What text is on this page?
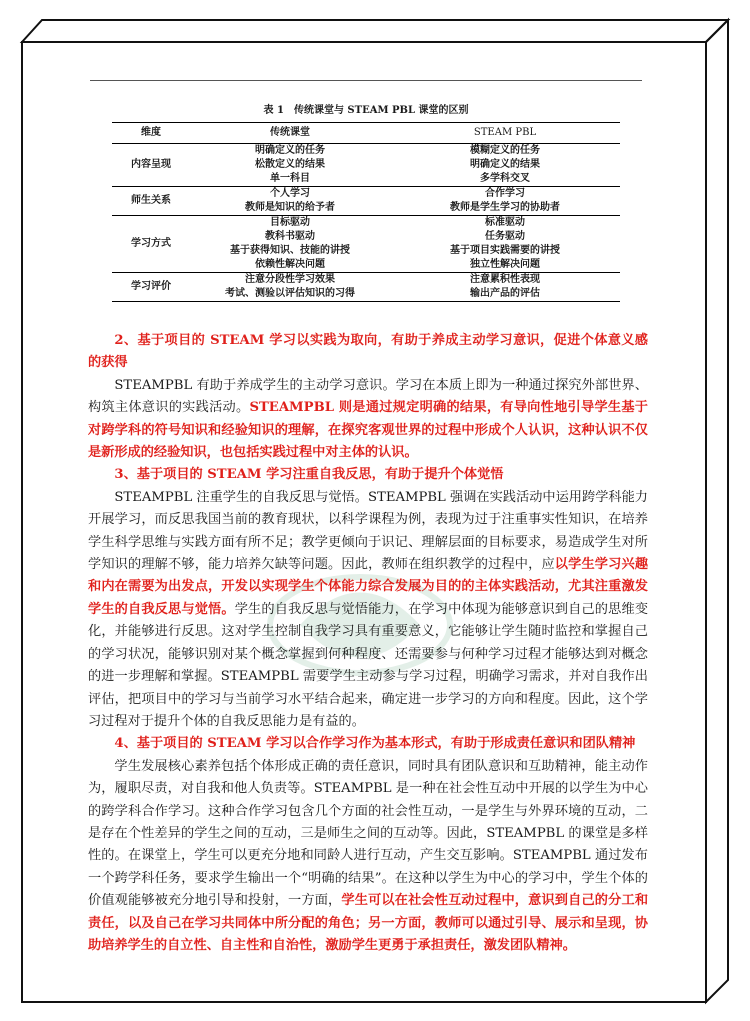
表 1　传统课堂与 STEAM PBL 课堂的区别
维度	传统课堂	STEAM PBL
内容呈现	明确定义的任务	模糊定义的任务
	松散定义的结果	明确定义的结果
	单一科目	多学科交叉
师生关系	个人学习	合作学习
	教师是知识的给予者	教师是学生学习的协助者
学习方式	目标驱动	标准驱动
	教科书驱动	任务驱动
	基于获得知识、技能的讲授	基于项目实践需要的讲授
	依赖性解决问题	独立性解决问题
学习评价	注意分段性学习效果	注意累积性表现
	考试、测验以评估知识的习得	输出产品的评估

2、基于项目的 STEAM 学习以实践为取向，有助于养成主动学习意识，促进个体意义感的获得

STEAMPBL 有助于养成学生的主动学习意识。学习在本质上即为一种通过探究外部世界、构筑主体意识的实践活动。STEAMPBL 则是通过规定明确的结果，有导向性地引导学生基于对跨学科的符号知识和经验知识的理解，在探究客观世界的过程中形成个人认识，这种认识不仅是新形成的经验知识，也包括实践过程中对主体的认识。

3、基于项目的 STEAM 学习注重自我反思，有助于提升个体觉悟

STEAMPBL 注重学生的自我反思与觉悟。STEAMPBL 强调在实践活动中运用跨学科能力开展学习，而反思我国当前的教育现状，以科学课程为例，表现为过于注重事实性知识，在培养学生科学思维与实践方面有所不足；教学更倾向于识记、理解层面的目标要求，易造成学生对所学知识的理解不够，能力培养欠缺等问题。因此，教师在组织教学的过程中，应以学生学习兴趣和内在需要为出发点，开发以实现学生个体能力综合发展为目的的主体实践活动，尤其注重激发学生的自我反思与觉悟。学生的自我反思与觉悟能力，在学习中体现为能够意识到自己的思维变化，并能够进行反思。这对学生控制自我学习具有重要意义，它能够让学生随时监控和掌握自己的学习状况，能够识别对某个概念掌握到何种程度、还需要参与何种学习过程才能够达到对概念的进一步理解和掌握。STEAMPBL 需要学生主动参与学习过程，明确学习需求，并对自我作出评估，把项目中的学习与当前学习水平结合起来，确定进一步学习的方向和程度。因此，这个学习过程对于提升个体的自我反思能力是有益的。

4、基于项目的 STEAM 学习以合作学习作为基本形式，有助于形成责任意识和团队精神

学生发展核心素养包括个体形成正确的责任意识，同时具有团队意识和互助精神，能主动作为，履职尽责，对自我和他人负责等。STEAMPBL 是一种在社会性互动中开展的以学生为中心的跨学科合作学习。这种合作学习包含几个方面的社会性互动，一是学生与外界环境的互动，二是存在个性差异的学生之间的互动，三是师生之间的互动等。因此，STEAMPBL 的课堂是多样性的。在课堂上，学生可以更充分地和同龄人进行互动，产生交互影响。STEAMPBL 通过发布一个跨学科任务，要求学生输出一个“明确的结果”。在这种以学生为中心的学习中，学生个体的价值观能够被充分地引导和投射，一方面，学生可以在社会性互动过程中，意识到自己的分工和责任，以及自己在学习共同体中所分配的角色；另一方面，教师可以通过引导、展示和呈现，协助培养学生的自立性、自主性和自治性，激励学生更勇于承担责任，激发团队精神。
